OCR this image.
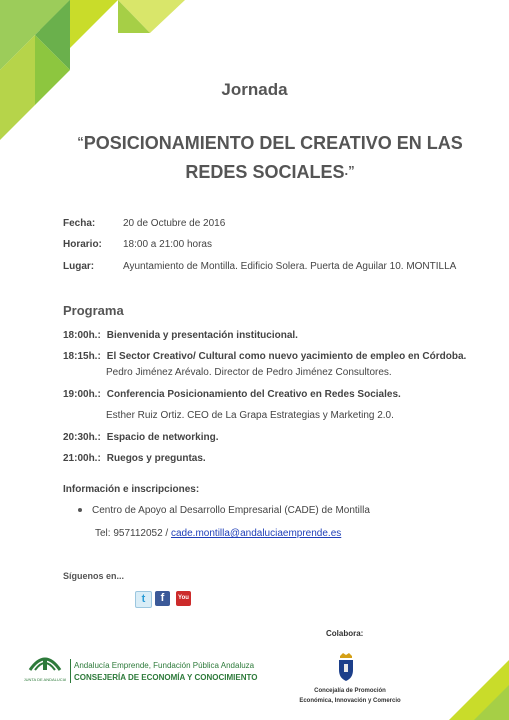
Jornada
“POSICIONAMIENTO DEL CREATIVO EN LAS REDES SOCIALES.”
Fecha:	20 de Octubre de 2016
Horario: 18:00 a 21:00 horas
Lugar:	Ayuntamiento de Montilla. Edificio Solera. Puerta de Aguilar 10. MONTILLA
Programa
18:00h.: Bienvenida y presentación institucional.
18:15h.: El Sector Creativo/ Cultural como nuevo yacimiento de empleo en Córdoba.
Pedro Jiménez Arévalo. Director de Pedro Jiménez Consultores.
19:00h.: Conferencia Posicionamiento del Creativo en Redes Sociales.
Esther Ruiz Ortiz. CEO de La Grapa Estrategias y Marketing 2.0.
20:30h.: Espacio de networking.
21:00h.: Ruegos y preguntas.
Información e inscripciones:
Centro de Apoyo al Desarrollo Empresarial (CADE) de Montilla
Tel: 957112052 / cade.montilla@andaluciaemprende.es
Síguenos en...
t	f	You Tube
Colabora:
Concejalía de Promoción
Económica, Innovación y Comercio
JUNTA DE ANDALUCIA
Andalucía Emprende, Fundación Pública Andaluza
CONSEJERÍA DE ECONOMÍA Y CONOCIMIENTO
